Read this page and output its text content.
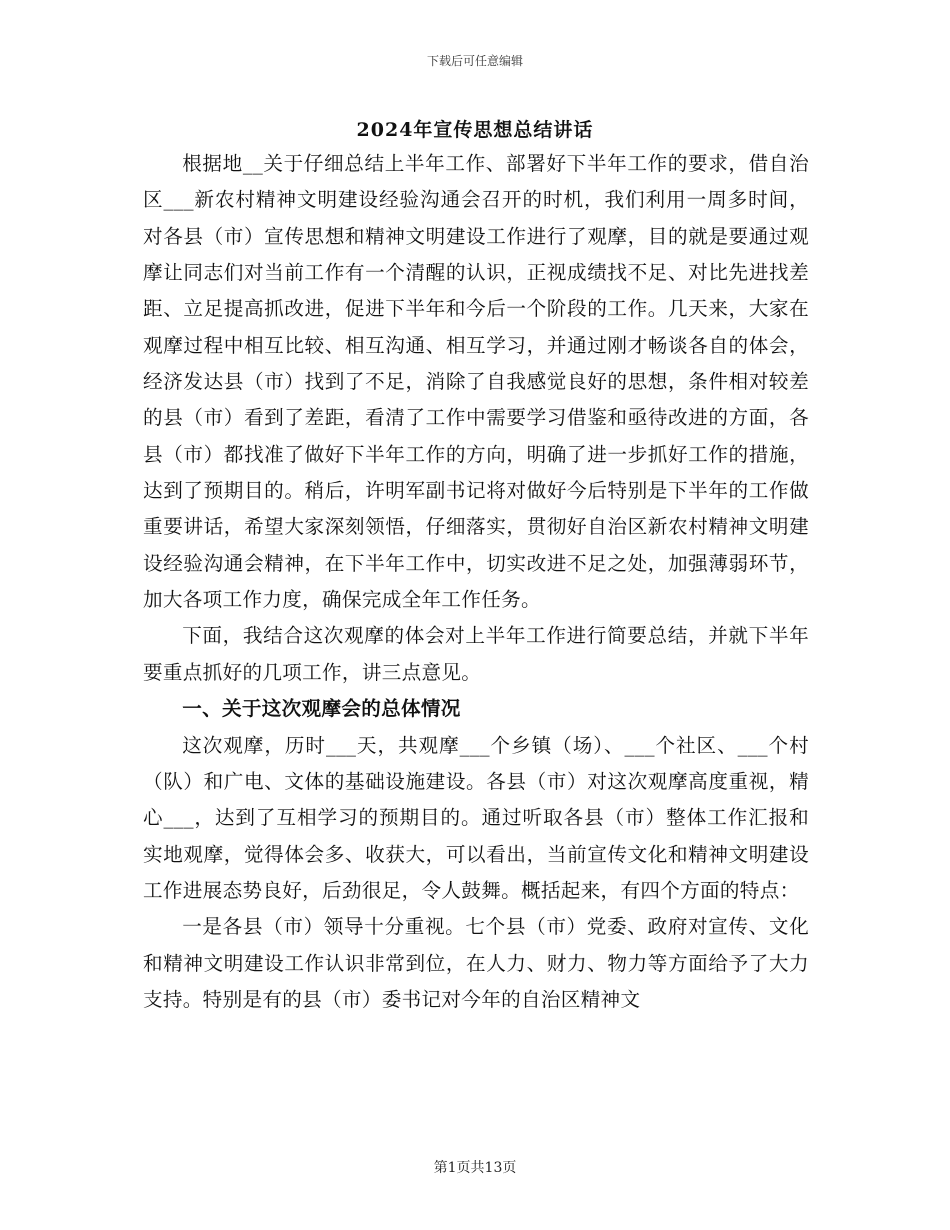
下载后可任意编辑
2024年宣传思想总结讲话

根据地__关于仔细总结上半年工作、部署好下半年工作的要求，借自治区___新农村精神文明建设经验沟通会召开的时机，我们利用一周多时间，对各县（市）宣传思想和精神文明建设工作进行了观摩，目的就是要通过观摩让同志们对当前工作有一个清醒的认识，正视成绩找不足、对比先进找差距、立足提高抓改进，促进下半年和今后一个阶段的工作。几天来，大家在观摩过程中相互比较、相互沟通、相互学习，并通过刚才畅谈各自的体会，经济发达县（市）找到了不足，消除了自我感觉良好的思想，条件相对较差的县（市）看到了差距，看清了工作中需要学习借鉴和亟待改进的方面，各县（市）都找准了做好下半年工作的方向，明确了进一步抓好工作的措施，达到了预期目的。稍后，许明军副书记将对做好今后特别是下半年的工作做重要讲话，希望大家深刻领悟，仔细落实，贯彻好自治区新农村精神文明建设经验沟通会精神，在下半年工作中，切实改进不足之处，加强薄弱环节，加大各项工作力度，确保完成全年工作任务。

下面，我结合这次观摩的体会对上半年工作进行简要总结，并就下半年要重点抓好的几项工作，讲三点意见。

一、关于这次观摩会的总体情况

这次观摩，历时___天，共观摩___个乡镇（场）、___个社区、___个村（队）和广电、文体的基础设施建设。各县（市）对这次观摩高度重视，精心___，达到了互相学习的预期目的。通过听取各县（市）整体工作汇报和实地观摩，觉得体会多、收获大，可以看出，当前宣传文化和精神文明建设工作进展态势良好，后劲很足，令人鼓舞。概括起来，有四个方面的特点：

一是各县（市）领导十分重视。七个县（市）党委、政府对宣传、文化和精神文明建设工作认识非常到位，在人力、财力、物力等方面给予了大力支持。特别是有的县（市）委书记对今年的自治区精神文

第1页共13页
